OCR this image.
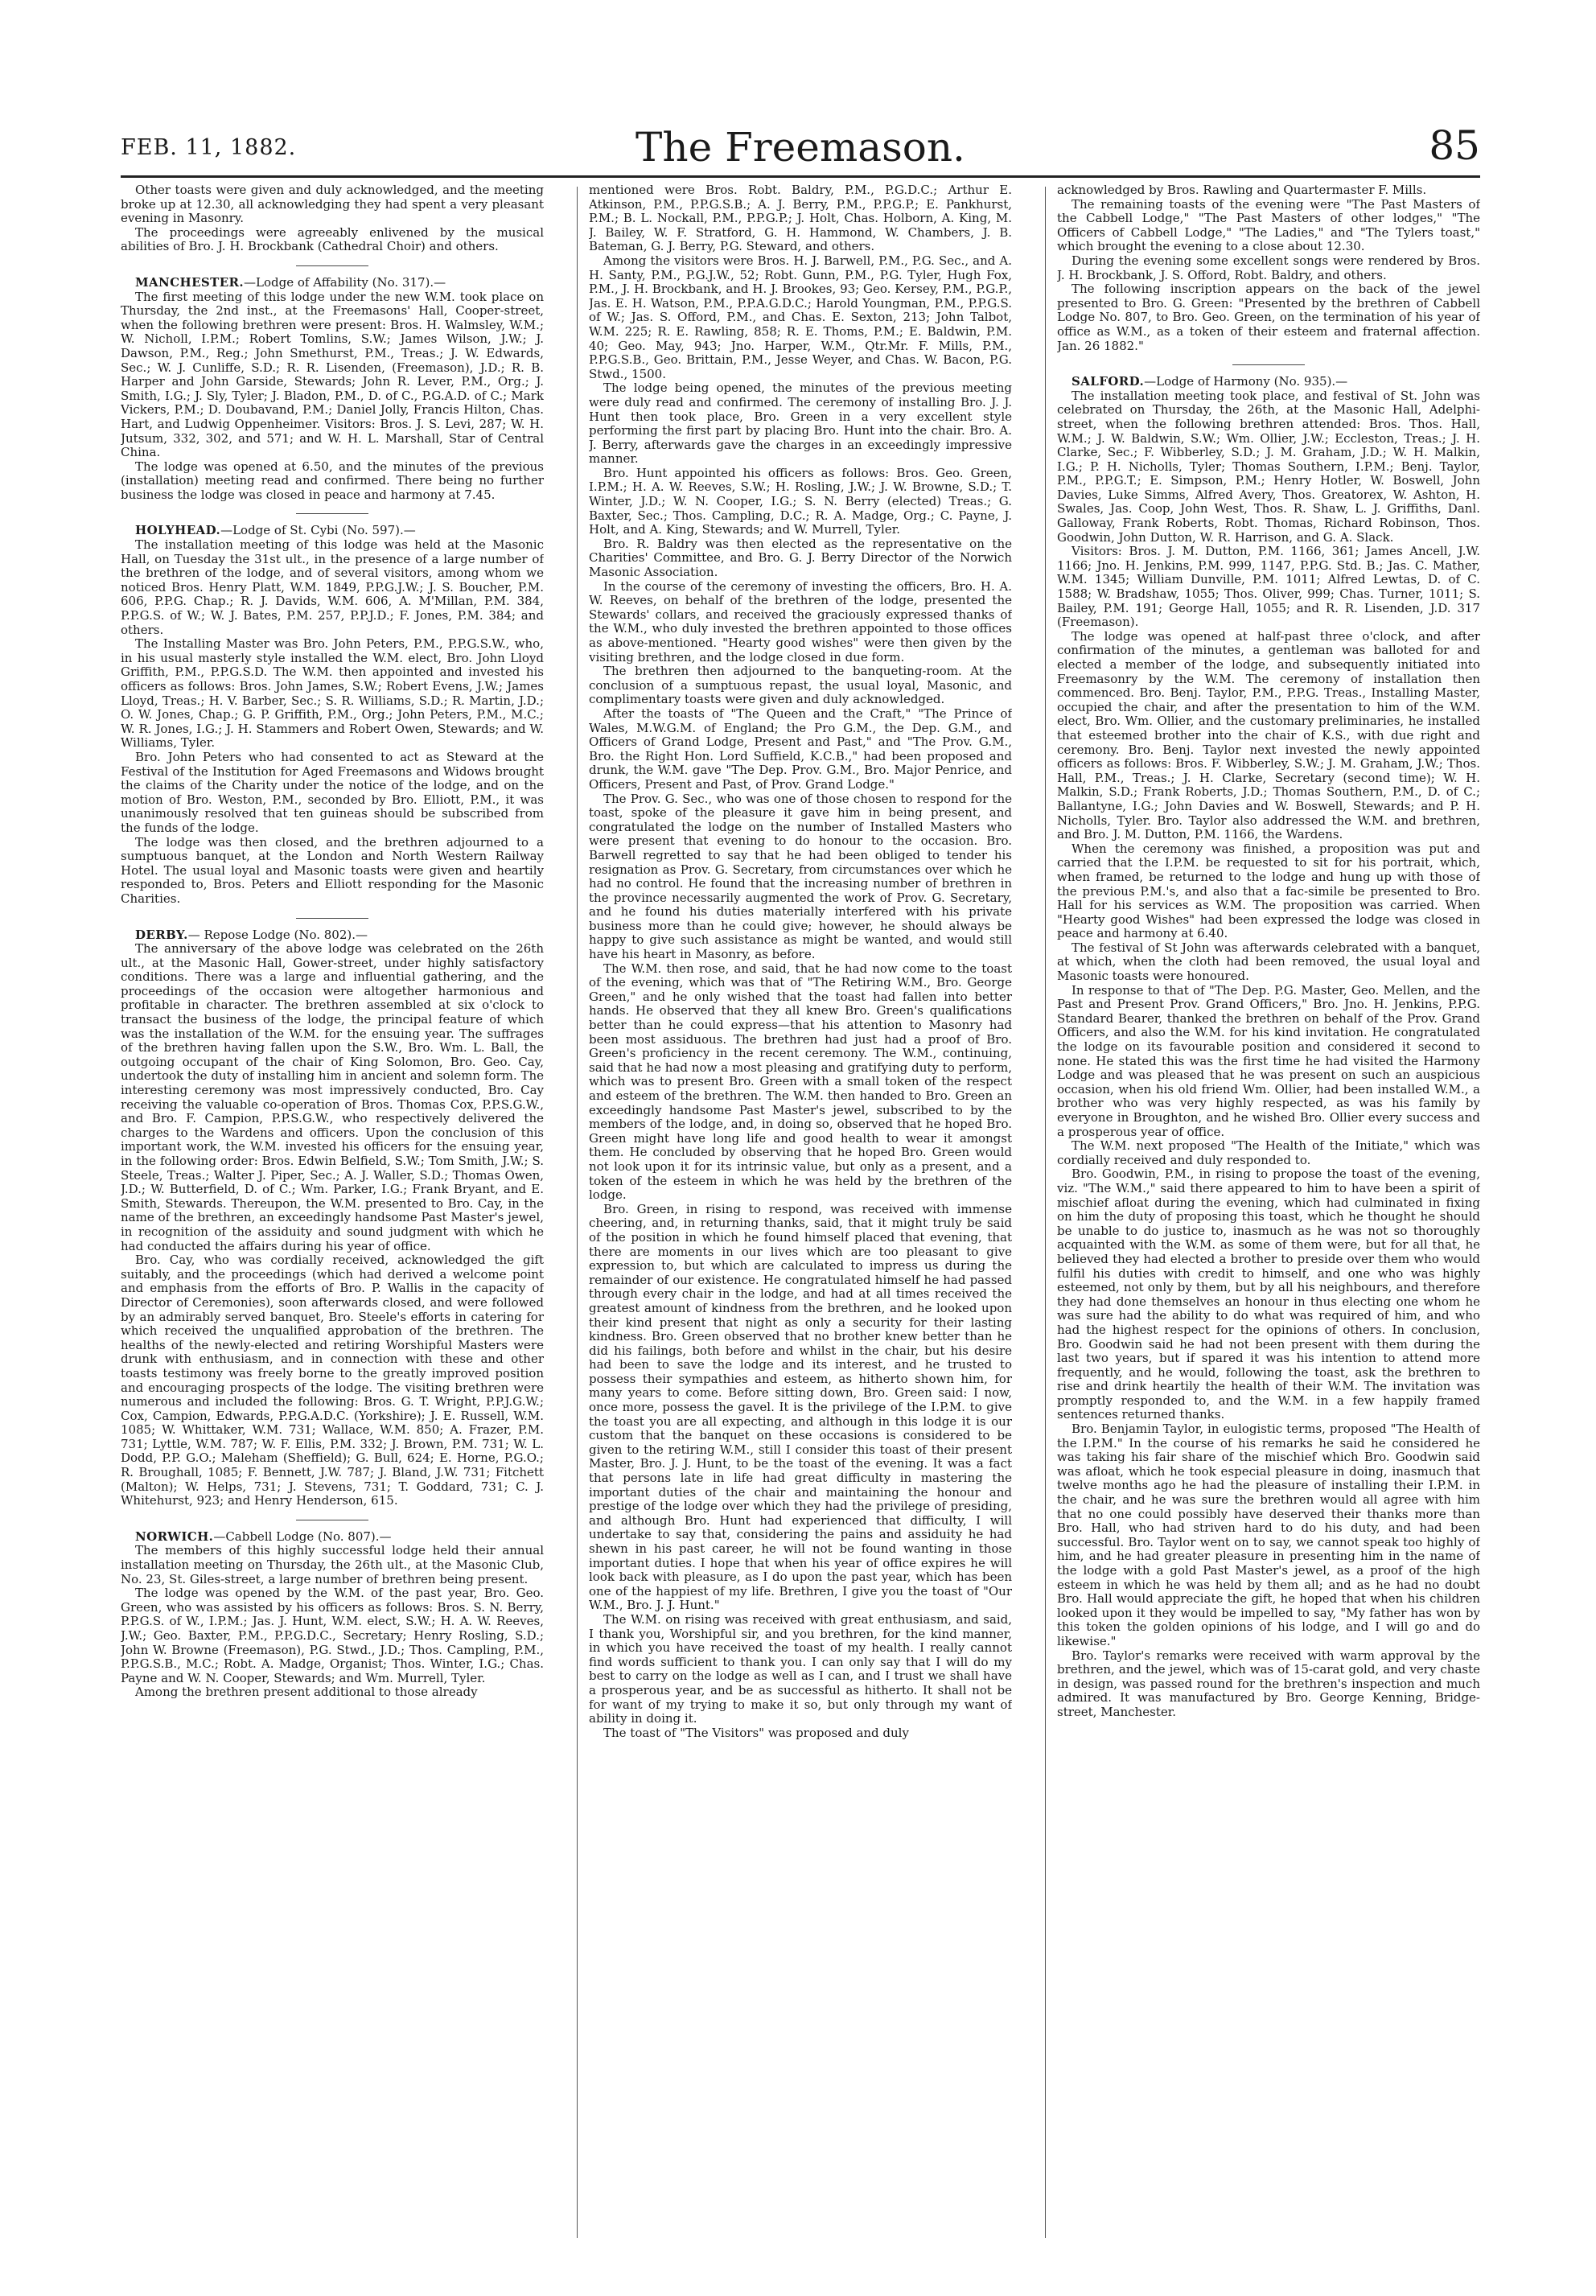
FEB. 11, 1882.	The Freemason.	85

Other toasts were given and duly acknowledged, and the meeting broke up at 12.30, all acknowledging they had spent a very pleasant evening in Masonry.

The proceedings were agreeably enlivened by the musical abilities of Bro. J. H. Brockbank (Cathedral Choir) and others.

MANCHESTER.—Lodge of Affability (No. 317).—

The first meeting of this lodge under the new W.M. took place on Thursday, the 2nd inst., at the Freemasons' Hall, Cooper-street, when the following brethren were present: Bros. H. Walmsley, W.M.; W. Nicholl, I.P.M.; Robert Tomlins, S.W.; James Wilson, J.W.; J. Dawson, P.M., Reg.; John Smethurst, P.M., Treas.; J. W. Edwards, Sec.; W. J. Cunliffe, S.D.; R. R. Lisenden, (Freemason), J.D.; R. B. Harper and John Garside, Stewards; John R. Lever, P.M., Org.; J. Smith, I.G.; J. Sly, Tyler; J. Bladon, P.M., D. of C., P.G.A.D. of C.; Mark Vickers, P.M.; D. Doubavand, P.M.; Daniel Jolly, Francis Hilton, Chas. Hart, and Ludwig Oppenheimer. Visitors: Bros. J. S. Levi, 287; W. H. Jutsum, 332, 302, and 571; and W. H. L. Marshall, Star of Central China.

The lodge was opened at 6.50, and the minutes of the previous (installation) meeting read and confirmed. There being no further business the lodge was closed in peace and harmony at 7.45.

HOLYHEAD.—Lodge of St. Cybi (No. 597).—

The installation meeting of this lodge was held at the Masonic Hall, on Tuesday the 31st ult., in the presence of a large number of the brethren of the lodge, and of several visitors, among whom we noticed Bros. Henry Platt, W.M. 1849, P.P.G.J.W.; J. S. Boucher, P.M. 606, P.P.G. Chap.; R. J. Davids, W.M. 606, A. M'Millan, P.M. 384, P.P.G.S. of W.; W. J. Bates, P.M. 257, P.P.J.D.; F. Jones, P.M. 384; and others.

The Installing Master was Bro. John Peters, P.M., P.P.G.S.W., who, in his usual masterly style installed the W.M. elect, Bro. John Lloyd Griffith, P.M., P.P.G.S.D. The W.M. then appointed and invested his officers as follows: Bros. John James, S.W.; Robert Evens, J.W.; James Lloyd, Treas.; H. V. Barber, Sec.; S. R. Williams, S.D.; R. Martin, J.D.; O. W. Jones, Chap.; G. P. Griffith, P.M., Org.; John Peters, P.M., M.C.; W. R. Jones, I.G.; J. H. Stammers and Robert Owen, Stewards; and W. Williams, Tyler.

Bro. John Peters who had consented to act as Steward at the Festival of the Institution for Aged Freemasons and Widows brought the claims of the Charity under the notice of the lodge, and on the motion of Bro. Weston, P.M., seconded by Bro. Elliott, P.M., it was unanimously resolved that ten guineas should be subscribed from the funds of the lodge.

The lodge was then closed, and the brethren adjourned to a sumptuous banquet, at the London and North Western Railway Hotel. The usual loyal and Masonic toasts were given and heartily responded to, Bros. Peters and Elliott responding for the Masonic Charities.

DERBY.— Repose Lodge (No. 802).—

The anniversary of the above lodge was celebrated on the 26th ult., at the Masonic Hall, Gower-street, under highly satisfactory conditions. There was a large and influential gathering, and the proceedings of the occasion were altogether harmonious and profitable in character. The brethren assembled at six o'clock to transact the business of the lodge, the principal feature of which was the installation of the W.M. for the ensuing year. The suffrages of the brethren having fallen upon the S.W., Bro. Wm. L. Ball, the outgoing occupant of the chair of King Solomon, Bro. Geo. Cay, undertook the duty of installing him in ancient and solemn form. The interesting ceremony was most impressively conducted, Bro. Cay receiving the valuable co-operation of Bros. Thomas Cox, P.P.S.G.W., and Bro. F. Campion, P.P.S.G.W., who respectively delivered the charges to the Wardens and officers. Upon the conclusion of this important work, the W.M. invested his officers for the ensuing year, in the following order: Bros. Edwin Belfield, S.W.; Tom Smith, J.W.; S. Steele, Treas.; Walter J. Piper, Sec.; A. J. Waller, S.D.; Thomas Owen, J.D.; W. Butterfield, D. of C.; Wm. Parker, I.G.; Frank Bryant, and E. Smith, Stewards. Thereupon, the W.M. presented to Bro. Cay, in the name of the brethren, an exceedingly handsome Past Master's jewel, in recognition of the assiduity and sound judgment with which he had conducted the affairs during his year of office.

Bro. Cay, who was cordially received, acknowledged the gift suitably, and the proceedings (which had derived a welcome point and emphasis from the efforts of Bro. P. Wallis in the capacity of Director of Ceremonies), soon afterwards closed, and were followed by an admirably served banquet, Bro. Steele's efforts in catering for which received the unqualified approbation of the brethren. The healths of the newly-elected and retiring Worshipful Masters were drunk with enthusiasm, and in connection with these and other toasts testimony was freely borne to the greatly improved position and encouraging prospects of the lodge. The visiting brethren were numerous and included the following: Bros. G. T. Wright, P.P.J.G.W.; Cox, Campion, Edwards, P.P.G.A.D.C. (Yorkshire); J. E. Russell, W.M. 1085; W. Whittaker, W.M. 731; Wallace, W.M. 850; A. Frazer, P.M. 731; Lyttle, W.M. 787; W. F. Ellis, P.M. 332; J. Brown, P.M. 731; W. L. Dodd, P.P. G.O.; Maleham (Sheffield); G. Bull, 624; E. Horne, P.G.O.; R. Broughall, 1085; F. Bennett, J.W. 787; J. Bland, J.W. 731; Fitchett (Malton); W. Helps, 731; J. Stevens, 731; T. Goddard, 731; C. J. Whitehurst, 923; and Henry Henderson, 615.

NORWICH.—Cabbell Lodge (No. 807).—

The members of this highly successful lodge held their annual installation meeting on Thursday, the 26th ult., at the Masonic Club, No. 23, St. Giles-street, a large number of brethren being present.

The lodge was opened by the W.M. of the past year, Bro. Geo. Green, who was assisted by his officers as follows: Bros. S. N. Berry, P.P.G.S. of W., I.P.M.; Jas. J. Hunt, W.M. elect, S.W.; H. A. W. Reeves, J.W.; Geo. Baxter, P.M., P.P.G.D.C., Secretary; Henry Rosling, S.D.; John W. Browne (Freemason), P.G. Stwd., J.D.; Thos. Campling, P.M., P.P.G.S.B., M.C.; Robt. A. Madge, Organist; Thos. Winter, I.G.; Chas. Payne and W. N. Cooper, Stewards; and Wm. Murrell, Tyler.

Among the brethren present additional to those already

mentioned were Bros. Robt. Baldry, P.M., P.G.D.C.; Arthur E. Atkinson, P.M., P.P.G.S.B.; A. J. Berry, P.M., P.P.G.P.; E. Pankhurst, P.M.; B. L. Nockall, P.M., P.P.G.P.; J. Holt, Chas. Holborn, A. King, M. J. Bailey, W. F. Stratford, G. H. Hammond, W. Chambers, J. B. Bateman, G. J. Berry, P.G. Steward, and others.

Among the visitors were Bros. H. J. Barwell, P.M., P.G. Sec., and A. H. Santy, P.M., P.G.J.W., 52; Robt. Gunn, P.M., P.G. Tyler, Hugh Fox, P.M., J. H. Brockbank, and H. J. Brookes, 93; Geo. Kersey, P.M., P.G.P., Jas. E. H. Watson, P.M., P.P.A.G.D.C.; Harold Youngman, P.M., P.P.G.S. of W.; Jas. S. Offord, P.M., and Chas. E. Sexton, 213; John Talbot, W.M. 225; R. E. Rawling, 858; R. E. Thoms, P.M.; E. Baldwin, P.M. 40; Geo. May, 943; Jno. Harper, W.M., Qtr.Mr. F. Mills, P.M., P.P.G.S.B., Geo. Brittain, P.M., Jesse Weyer, and Chas. W. Bacon, P.G. Stwd., 1500.

The lodge being opened, the minutes of the previous meeting were duly read and confirmed. The ceremony of installing Bro. J. J. Hunt then took place, Bro. Green in a very excellent style performing the first part by placing Bro. Hunt into the chair. Bro. A. J. Berry, afterwards gave the charges in an exceedingly impressive manner.

Bro. Hunt appointed his officers as follows: Bros. Geo. Green, I.P.M.; H. A. W. Reeves, S.W.; H. Rosling, J.W.; J. W. Browne, S.D.; T. Winter, J.D.; W. N. Cooper, I.G.; S. N. Berry (elected) Treas.; G. Baxter, Sec.; Thos. Campling, D.C.; R. A. Madge, Org.; C. Payne, J. Holt, and A. King, Stewards; and W. Murrell, Tyler.

Bro. R. Baldry was then elected as the representative on the Charities' Committee, and Bro. G. J. Berry Director of the Norwich Masonic Association.

In the course of the ceremony of investing the officers, Bro. H. A. W. Reeves, on behalf of the brethren of the lodge, presented the Stewards' collars, and received the graciously expressed thanks of the W.M., who duly invested the brethren appointed to those offices as above-mentioned. "Hearty good wishes" were then given by the visiting brethren, and the lodge closed in due form.

The brethren then adjourned to the banqueting-room. At the conclusion of a sumptuous repast, the usual loyal, Masonic, and complimentary toasts were given and duly acknowledged.

After the toasts of "The Queen and the Craft," "The Prince of Wales, M.W.G.M. of England; the Pro G.M., the Dep. G.M., and Officers of Grand Lodge, Present and Past," and "The Prov. G.M., Bro. the Right Hon. Lord Suffield, K.C.B.," had been proposed and drunk, the W.M. gave "The Dep. Prov. G.M., Bro. Major Penrice, and Officers, Present and Past, of Prov. Grand Lodge."

The Prov. G. Sec., who was one of those chosen to respond for the toast, spoke of the pleasure it gave him in being present, and congratulated the lodge on the number of Installed Masters who were present that evening to do honour to the occasion. Bro. Barwell regretted to say that he had been obliged to tender his resignation as Prov. G. Secretary, from circumstances over which he had no control. He found that the increasing number of brethren in the province necessarily augmented the work of Prov. G. Secretary, and he found his duties materially interfered with his private business more than he could give; however, he should always be happy to give such assistance as might be wanted, and would still have his heart in Masonry, as before.

The W.M. then rose, and said, that he had now come to the toast of the evening, which was that of "The Retiring W.M., Bro. George Green," and he only wished that the toast had fallen into better hands. He observed that they all knew Bro. Green's qualifications better than he could express—that his attention to Masonry had been most assiduous. The brethren had just had a proof of Bro. Green's proficiency in the recent ceremony. The W.M., continuing, said that he had now a most pleasing and gratifying duty to perform, which was to present Bro. Green with a small token of the respect and esteem of the brethren. The W.M. then handed to Bro. Green an exceedingly handsome Past Master's jewel, subscribed to by the members of the lodge, and, in doing so, observed that he hoped Bro. Green might have long life and good health to wear it amongst them. He concluded by observing that he hoped Bro. Green would not look upon it for its intrinsic value, but only as a present, and a token of the esteem in which he was held by the brethren of the lodge.

Bro. Green, in rising to respond, was received with immense cheering, and, in returning thanks, said, that it might truly be said of the position in which he found himself placed that evening, that there are moments in our lives which are too pleasant to give expression to, but which are calculated to impress us during the remainder of our existence. He congratulated himself he had passed through every chair in the lodge, and had at all times received the greatest amount of kindness from the brethren, and he looked upon their kind present that night as only a security for their lasting kindness. Bro. Green observed that no brother knew better than he did his failings, both before and whilst in the chair, but his desire had been to save the lodge and its interest, and he trusted to possess their sympathies and esteem, as hitherto shown him, for many years to come. Before sitting down, Bro. Green said: I now, once more, possess the gavel. It is the privilege of the I.P.M. to give the toast you are all expecting, and although in this lodge it is our custom that the banquet on these occasions is considered to be given to the retiring W.M., still I consider this toast of their present Master, Bro. J. J. Hunt, to be the toast of the evening. It was a fact that persons late in life had great difficulty in mastering the important duties of the chair and maintaining the honour and prestige of the lodge over which they had the privilege of presiding, and although Bro. Hunt had experienced that difficulty, I will undertake to say that, considering the pains and assiduity he had shewn in his past career, he will not be found wanting in those important duties. I hope that when his year of office expires he will look back with pleasure, as I do upon the past year, which has been one of the happiest of my life. Brethren, I give you the toast of "Our W.M., Bro. J. J. Hunt."

The W.M. on rising was received with great enthusiasm, and said, I thank you, Worshipful sir, and you brethren, for the kind manner, in which you have received the toast of my health. I really cannot find words sufficient to thank you. I can only say that I will do my best to carry on the lodge as well as I can, and I trust we shall have a prosperous year, and be as successful as hitherto. It shall not be for want of my trying to make it so, but only through my want of ability in doing it.

The toast of "The Visitors" was proposed and duly

acknowledged by Bros. Rawling and Quartermaster F. Mills.

The remaining toasts of the evening were "The Past Masters of the Cabbell Lodge," "The Past Masters of other lodges," "The Officers of Cabbell Lodge," "The Ladies," and "The Tylers toast," which brought the evening to a close about 12.30.

During the evening some excellent songs were rendered by Bros. J. H. Brockbank, J. S. Offord, Robt. Baldry, and others.

The following inscription appears on the back of the jewel presented to Bro. G. Green: "Presented by the brethren of Cabbell Lodge No. 807, to Bro. Geo. Green, on the termination of his year of office as W.M., as a token of their esteem and fraternal affection. Jan. 26 1882."

SALFORD.—Lodge of Harmony (No. 935).—

The installation meeting took place, and festival of St. John was celebrated on Thursday, the 26th, at the Masonic Hall, Adelphi-street, when the following brethren attended: Bros. Thos. Hall, W.M.; J. W. Baldwin, S.W.; Wm. Ollier, J.W.; Eccleston, Treas.; J. H. Clarke, Sec.; F. Wibberley, S.D.; J. M. Graham, J.D.; W. H. Malkin, I.G.; P. H. Nicholls, Tyler; Thomas Southern, I.P.M.; Benj. Taylor, P.M., P.P.G.T.; E. Simpson, P.M.; Henry Hotler, W. Boswell, John Davies, Luke Simms, Alfred Avery, Thos. Greatorex, W. Ashton, H. Swales, Jas. Coop, John West, Thos. R. Shaw, L. J. Griffiths, Danl. Galloway, Frank Roberts, Robt. Thomas, Richard Robinson, Thos. Goodwin, John Dutton, W. R. Harrison, and G. A. Slack.

Visitors: Bros. J. M. Dutton, P.M. 1166, 361; James Ancell, J.W. 1166; Jno. H. Jenkins, P.M. 999, 1147, P.P.G. Std. B.; Jas. C. Mather, W.M. 1345; William Dunville, P.M. 1011; Alfred Lewtas, D. of C. 1588; W. Bradshaw, 1055; Thos. Oliver, 999; Chas. Turner, 1011; S. Bailey, P.M. 191; George Hall, 1055; and R. R. Lisenden, J.D. 317 (Freemason).

The lodge was opened at half-past three o'clock, and after confirmation of the minutes, a gentleman was balloted for and elected a member of the lodge, and subsequently initiated into Freemasonry by the W.M. The ceremony of installation then commenced. Bro. Benj. Taylor, P.M., P.P.G. Treas., Installing Master, occupied the chair, and after the presentation to him of the W.M. elect, Bro. Wm. Ollier, and the customary preliminaries, he installed that esteemed brother into the chair of K.S., with due right and ceremony. Bro. Benj. Taylor next invested the newly appointed officers as follows: Bros. F. Wibberley, S.W.; J. M. Graham, J.W.; Thos. Hall, P.M., Treas.; J. H. Clarke, Secretary (second time); W. H. Malkin, S.D.; Frank Roberts, J.D.; Thomas Southern, P.M., D. of C.; Ballantyne, I.G.; John Davies and W. Boswell, Stewards; and P. H. Nicholls, Tyler. Bro. Taylor also addressed the W.M. and brethren, and Bro. J. M. Dutton, P.M. 1166, the Wardens.

When the ceremony was finished, a proposition was put and carried that the I.P.M. be requested to sit for his portrait, which, when framed, be returned to the lodge and hung up with those of the previous P.M.'s, and also that a fac-simile be presented to Bro. Hall for his services as W.M. The proposition was carried. When "Hearty good Wishes" had been expressed the lodge was closed in peace and harmony at 6.40.

The festival of St John was afterwards celebrated with a banquet, at which, when the cloth had been removed, the usual loyal and Masonic toasts were honoured.

In response to that of "The Dep. P.G. Master, Geo. Mellen, and the Past and Present Prov. Grand Officers," Bro. Jno. H. Jenkins, P.P.G. Standard Bearer, thanked the brethren on behalf of the Prov. Grand Officers, and also the W.M. for his kind invitation. He congratulated the lodge on its favourable position and considered it second to none. He stated this was the first time he had visited the Harmony Lodge and was pleased that he was present on such an auspicious occasion, when his old friend Wm. Ollier, had been installed W.M., a brother who was very highly respected, as was his family by everyone in Broughton, and he wished Bro. Ollier every success and a prosperous year of office.

The W.M. next proposed "The Health of the Initiate," which was cordially received and duly responded to.

Bro. Goodwin, P.M., in rising to propose the toast of the evening, viz. "The W.M.," said there appeared to him to have been a spirit of mischief afloat during the evening, which had culminated in fixing on him the duty of proposing this toast, which he thought he should be unable to do justice to, inasmuch as he was not so thoroughly acquainted with the W.M. as some of them were, but for all that, he believed they had elected a brother to preside over them who would fulfil his duties with credit to himself, and one who was highly esteemed, not only by them, but by all his neighbours, and therefore they had done themselves an honour in thus electing one whom he was sure had the ability to do what was required of him, and who had the highest respect for the opinions of others. In conclusion, Bro. Goodwin said he had not been present with them during the last two years, but if spared it was his intention to attend more frequently, and he would, following the toast, ask the brethren to rise and drink heartily the health of their W.M. The invitation was promptly responded to, and the W.M. in a few happily framed sentences returned thanks.

Bro. Benjamin Taylor, in eulogistic terms, proposed "The Health of the I.P.M." In the course of his remarks he said he considered he was taking his fair share of the mischief which Bro. Goodwin said was afloat, which he took especial pleasure in doing, inasmuch that twelve months ago he had the pleasure of installing their I.P.M. in the chair, and he was sure the brethren would all agree with him that no one could possibly have deserved their thanks more than Bro. Hall, who had striven hard to do his duty, and had been successful. Bro. Taylor went on to say, we cannot speak too highly of him, and he had greater pleasure in presenting him in the name of the lodge with a gold Past Master's jewel, as a proof of the high esteem in which he was held by them all; and as he had no doubt Bro. Hall would appreciate the gift, he hoped that when his children looked upon it they would be impelled to say, "My father has won by this token the golden opinions of his lodge, and I will go and do likewise."

Bro. Taylor's remarks were received with warm approval by the brethren, and the jewel, which was of 15-carat gold, and very chaste in design, was passed round for the brethren's inspection and much admired. It was manufactured by Bro. George Kenning, Bridge-street, Manchester.
